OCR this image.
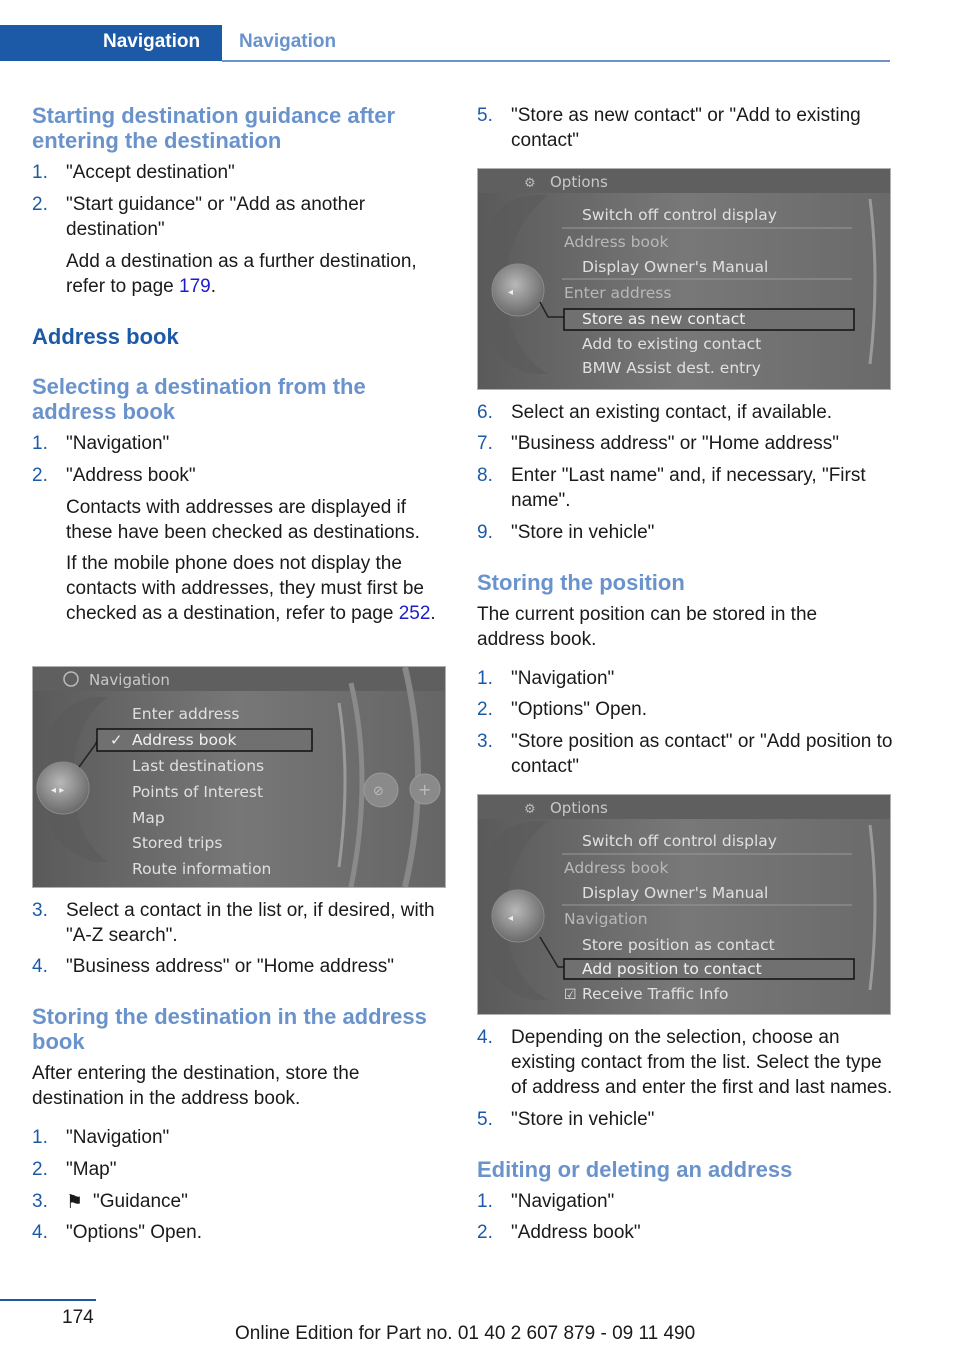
Navigation Navigation
Starting destination guidance after entering the destination
1. "Accept destination"
2. "Start guidance" or "Add as another destination"
Add a destination as a further destination, refer to page 179.
Address book
Selecting a destination from the address book
1. "Navigation"
2. "Address book"
Contacts with addresses are displayed if these have been checked as destinations.
If the mobile phone does not display the contacts with addresses, they must first be checked as a destination, refer to page 252.
Navigation
◂ ▸
Enter address
✓ Address book
Last destinations
Points of Interest
Map
Stored trips
Route information
⊘ +
3. Select a contact in the list or, if desired, with "A-Z search".
4. "Business address" or "Home address"
Storing the destination in the address book
After entering the destination, store the destination in the address book.
1. "Navigation"
2. "Map"
3. ⚑ "Guidance"
4. "Options" Open.
5. "Store as new contact" or "Add to existing contact"
⚙ Options
◂
Switch off control display
Address book
Display Owner's Manual
Enter address
Store as new contact
Add to existing contact
BMW Assist dest. entry
6. Select an existing contact, if available.
7. "Business address" or "Home address"
8. Enter "Last name" and, if necessary, "First name".
9. "Store in vehicle"
Storing the position
The current position can be stored in the address book.
1. "Navigation"
2. "Options" Open.
3. "Store position as contact" or "Add position to contact"
⚙ Options
◂
Switch off control display
Address book
Display Owner's Manual
Navigation
Store position as contact
Add position to contact
☑ Receive Traffic Info
4. Depending on the selection, choose an existing contact from the list. Select the type of address and enter the first and last names.
5. "Store in vehicle"
Editing or deleting an address
1. "Navigation"
2. "Address book"
174
Online Edition for Part no. 01 40 2 607 879 - 09 11 490
